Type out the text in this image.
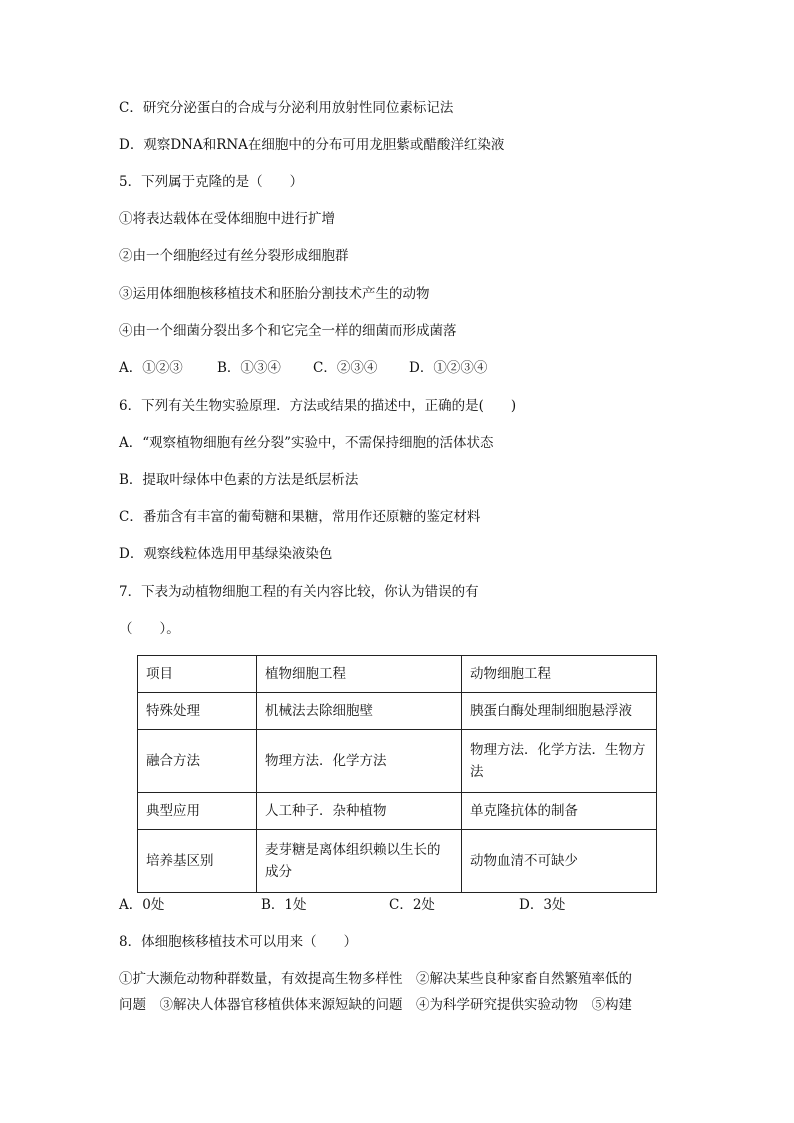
C．研究分泌蛋白的合成与分泌利用放射性同位素标记法
D．观察DNA和RNA在细胞中的分布可用龙胆紫或醋酸洋红染液
5．下列属于克隆的是（　　）
①将表达载体在受体细胞中进行扩增
②由一个细胞经过有丝分裂形成细胞群
③运用体细胞核移植技术和胚胎分割技术产生的动物
④由一个细菌分裂出多个和它完全一样的细菌而形成菌落
A．①②③	B．①③④ C．②③④ D．①②③④
6．下列有关生物实验原理．方法或结果的描述中，正确的是(　　)
A．“观察植物细胞有丝分裂”实验中，不需保持细胞的活体状态
B．提取叶绿体中色素的方法是纸层析法
C．番茄含有丰富的葡萄糖和果糖，常用作还原糖的鉴定材料
D．观察线粒体选用甲基绿染液染色
7．下表为动植物细胞工程的有关内容比较，你认为错误的有
（　　）。
项目	植物细胞工程	动物细胞工程
特殊处理	机械法去除细胞壁	胰蛋白酶处理制细胞悬浮液
融合方法	物理方法．化学方法	物理方法．化学方法．生物方法
典型应用	人工种子．杂种植物	单克隆抗体的制备
培养基区别	麦芽糖是离体组织赖以生长的成分	动物血清不可缺少
A．0处	B．1处	C．2处	D．3处
8．体细胞核移植技术可以用来（　　）
①扩大濒危动物种群数量，有效提高生物多样性　②解决某些良种家畜自然繁殖率低的
问题　③解决人体器官移植供体来源短缺的问题　④为科学研究提供实验动物　⑤构建
